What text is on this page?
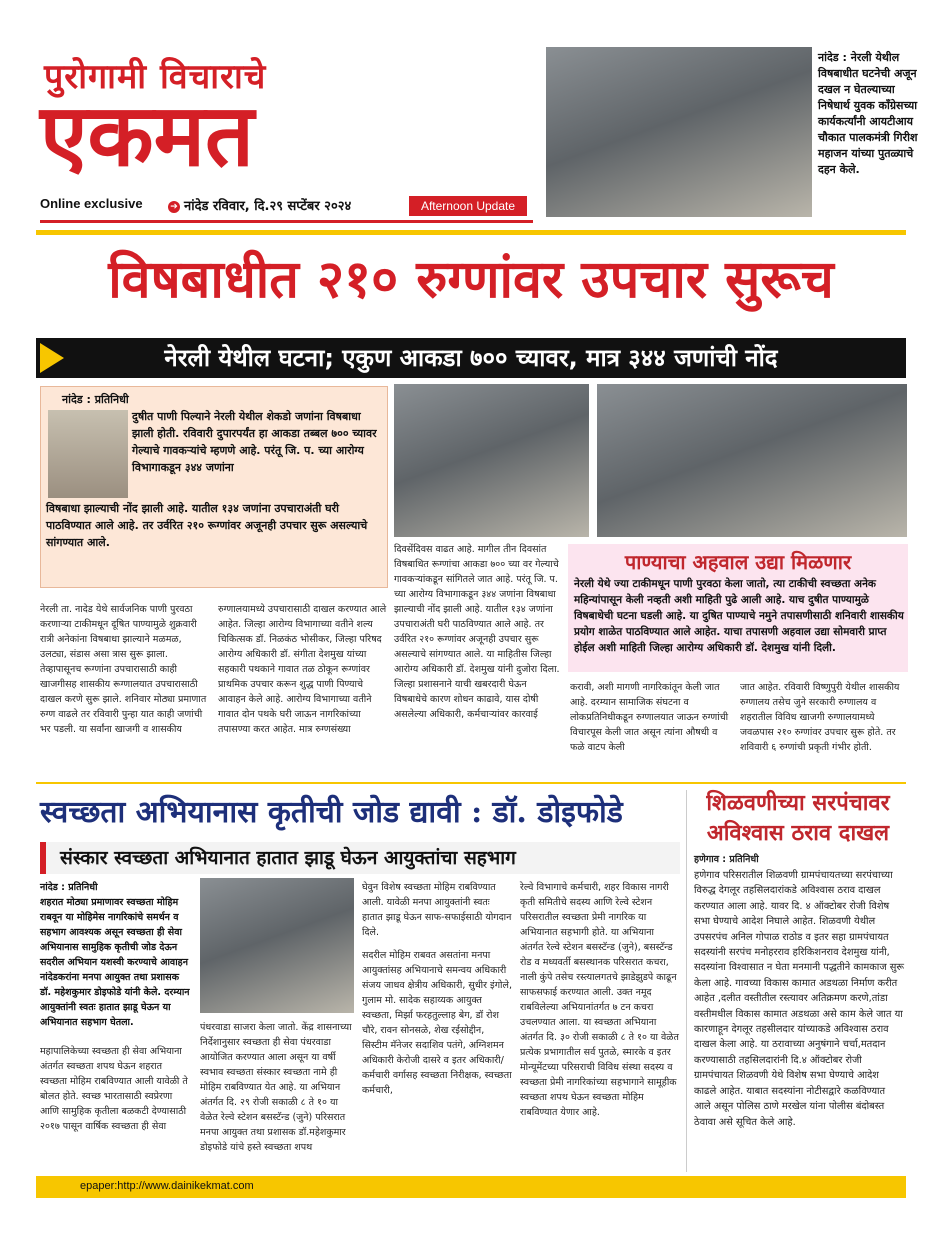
पुरोगामी विचाराचे
एकमत
Online exclusive	➔ नांदेड रविवार, दि.२९ सप्टेंबर २०२४	Afternoon Update
नांदेड : नेरली येथील विषबाधीत घटनेची अजून दखल न घेतल्याच्या निषेधार्थ युवक कॉंग्रेसच्या कार्यकर्त्यांनी आयटीआय चौकात पालकमंत्री गिरीश महाजन यांच्या पुतळ्याचे दहन केले.
विषबाधीत २१० रुग्णांवर उपचार सुरूच
नेरली येथील घटना; एकुण आकडा ७०० च्यावर, मात्र ३४४ जणांची नोंद
नांदेड : प्रतिनिधी
दुषीत पाणी पिल्याने नेरली येथील शेकडो जणांना विषबाधा झाली होती. रविवारी दुपारपर्यंत हा आकडा तब्बल ७०० च्यावर गेल्याचे गावकऱ्यांचे म्हणणे आहे. परंतू जि. प. च्या आरोग्य विभागाकडून ३४४ जणांना
विषबाधा झाल्याची नोंद झाली आहे. यातील १३४ जणांना उपचाराअंती घरी पाठविण्यात आले आहे. तर उर्वरित २१० रूग्णांवर अजूनही उपचार सुरू असल्याचे सांगण्यात आले.
नेरली ता. नादेड येथे सार्वजनिक पाणी पुरवठा करणाऱ्या टाकीमधून दूषित पाण्यामुळे शुक्रवारी रात्री अनेकांना विषबाधा झाल्याने मळमळ, उलट्या, संडास असा त्रास सुरू झाला. तेव्हापासूनच रूग्णांना उपचारासाठी काही खाजगीसह शासकीय रूग्णालयात उपचारासाठी दाखल करणे सुरू झाले. शनिवार मोठ्या प्रमाणात रुग्ण वाढले तर रविवारी पुन्हा यात काही जणांची भर पडली. या सर्वांना खाजगी व शासकीय
रुग्णालयामध्ये उपचारासाठी दाखल करण्यात आले आहेत. जिल्हा आरोग्य विभागाच्या वतीने शल्य चिकित्सक डॉ. निळकंठ भोसीकर, जिल्हा परिषद आरोग्य अधिकारी डॉ. संगीता देशमुख यांच्या सहकारी पथकाने गावात तळ ठोकून रूग्णांवर प्राथमिक उपचार करून शुद्ध पाणी पिण्याचे आवाहन केले आहे. आरोग्य विभागाच्या वतीने गावात दोन पथके घरी जाऊन नागरिकांच्या तपासण्या करत आहेत. मात्र रुग्णसंख्या
दिवसेंदिवस वाढत आहे. मागील तीन दिवसांत विषबाधित रूग्णांचा आकडा ७०० च्या वर गेल्याचे गावकऱ्यांकडून सांगितले जात आहे. परंतू जि. प. च्या आरोग्य विभागाकडून ३४४ जणांना विषबाधा झाल्याची नोंद झाली आहे. यातील १३४ जणांना उपचाराअंती घरी पाठविण्यात आले आहे. तर उर्वरित २१० रूग्णांवर अजूनही उपचार सुरू असल्याचे सांगण्यात आले. या माहितीस जिल्हा आरोग्य अधिकारी डॉ. देशमुख यांनी दुजोरा दिला. जिल्हा प्रशासनाने याची खबरदारी घेऊन विषबाधेचे कारण शोधन काढावे, यास दोषी असलेल्या अधिकारी, कर्मचाऱ्यांवर कारवाई
करावी, अशी मागणी नागरिकांतून केली जात आहे. दरम्यान सामाजिक संघटना व लोकप्रतिनिधीकडून रुग्णालयात जाऊन रुग्णांची विचारपूस केली जात असून त्यांना औषधी व फळे वाटप केली
जात आहेत. रविवारी विष्णुपुरी येथील शासकीय रुग्णालय तसेच जुने सरकारी रुग्णालय व शहरातील विविध खाजगी रुग्णालयामध्ये जवळपास २१० रुग्णांवर उपचार सुरू होते. तर शविवारी ६ रुग्णांची प्रकृती गंभीर होती.
पाण्याचा अहवाल उद्या मिळणार
नेरली येथे ज्या टाकीमधून पाणी पुरवठा केला जातो, त्या टाकीची स्वच्छता अनेक महिन्यांपासून केली नव्हती अशी माहिती पुढे आली आहे. याच दुषीत पाण्यामुळे विषबाधेची घटना घडली आहे. या दुषित पाण्याचे नमुने तपासणीसाठी शनिवारी शासकीय प्रयोग शाळेत पाठविण्यात आले आहेत. याचा तपासणी अहवाल उद्या सोमवारी प्राप्त होईल अशी माहिती जिल्हा आरोग्य अधिकारी डॉ. देशमुख यांनी दिली.
स्वच्छता अभियानास कृतीची जोड द्यावी : डॉ. डोइफोडे
संस्कार स्वच्छता अभियानात हातात झाडू घेऊन आयुक्तांचा सहभाग
नांदेड : प्रतिनिधी
शहरात मोठ्या प्रमाणावर स्वच्छता मोहिम राबवून या मोहिमेस नागरिकांचे समर्थन व सहभाग आवश्यक असून स्वच्छता ही सेवा अभियानास सामुहिक कृतीची जोड देऊन सदरील अभियान यशस्वी करण्याचे आवाहन नांदेडकरांना मनपा आयुक्त तथा प्रशासक डॉ. महेशकुमार डोइफोडे यांनी केले. दरम्यान आयुक्तांनी स्वतः हातात झाडू घेऊन या अभियानात सहभाग घेतला.
महापालिकेच्या स्वच्छता ही सेवा अभियाना अंतर्गत स्वच्छता शपथ घेऊन शहरात स्वच्छता मोहिम राबविण्यात आली यावेळी ते बोलत होते. स्वच्छ भारतासाठी स्वप्रेरणा आणि सामुहिक कृतीला बळकटी देण्यासाठी २०१७ पासून वार्षिक स्वच्छता ही सेवा
पंधरवाडा साजरा केला जातो. केंद्र शासनाच्या निर्देशानुसार स्वच्छता ही सेवा पंधरवाडा आयोजित करण्यात आला असून या वर्षी स्वभाव स्वच्छता संस्कार स्वच्छता नामे ही मोहिम राबविण्यात येत आहे. या अभियान अंतर्गत दि. २९ रोजी सकाळी ८ ते १० या वेळेत रेल्वे स्टेशन बसस्टॅन्ड (जुने) परिसरात मनपा आयुक्त तथा प्रशासक डॉ.महेशकुमार डोइफोडे यांचे हस्ते स्वच्छता शपथ
घेवुन विशेष स्वच्छता मोहिम राबविण्यात आली. यावेळी मनपा आयुक्तांनी स्वतः हातात झाडू घेऊन साफ-सफाईसाठी योगदान दिले.
सदरील मोहिम राबवत असतांना मनपा आयुक्तांसह अभियानाचे समन्वय अधिकारी संजय जाधव क्षेत्रीय अधिकारी, सुधीर इंगोले, गुलाम मो. सादेक सहाय्यक आयुक्त स्वच्छता, मिर्झा फरहतुल्लाह बेग, डॉ रोश चौरे, रावन सोनसळे, शेख रईसोद्दीन, सिस्टीम मॅनेजर सदाशिव पतंगे, अग्निशमन अधिकारी केरोजी दासरे व इतर अधिकारी/ कर्मचारी वर्गासह स्वच्छता निरीक्षक, स्वच्छता कर्मचारी,
रेल्वे विभागाचे कर्मचारी, शहर विकास नागरी कृती समितीचे सदस्य आणि रेल्वे स्टेशन परिसरातील स्वच्छता प्रेमी नागरिक या अभियानात सहभागी होते. या अभियाना अंतर्गत रेल्वे स्टेशन बसस्टॅन्ड (जुने), बसस्टॅन्ड रोड व मध्यवर्ती बसस्थानक परिसरात कचरा, नाली कुंपे तसेच रस्त्यालगतचे झाडेझुडपे काढून साफसफाई करण्यात आली. उक्त नमूद राबविलेल्या अभियानांतर्गत ७ टन कचरा उचलण्यात आला. या स्वच्छता अभियाना अंतर्गत दि. ३० रोजी सकाळी ८ ते १० या वेळेत प्रत्येक प्रभागातील सर्व पुतळे, स्मारके व इतर मोन्यूमेंटच्या परिसराची विविध संस्था सदस्य व स्वच्छता प्रेमी नागरिकांच्या सहभागाने सामूहीक स्वच्छता शपथ घेऊन स्वच्छता मोहिम राबविण्यात येणार आहे.
शिळवणीच्या सरपंचावर अविश्वास ठराव दाखल
हणेगाव : प्रतिनिधी
हणेगाव परिसरातील शिळवणी ग्रामपंचायतच्या सरपंचाच्या विरुद्ध देगलूर तहसिलदारांकडे अविश्वास ठराव दाखल करण्यात आला आहे. यावर दि. ४ ऑक्टोबर रोजी विशेष सभा घेण्याचे आदेश निघाले आहेत. शिळवणी येथील उपसरपंच अनिल गोपाळ राठोड व इतर सहा ग्रामपंचायत सदस्यांनी सरपंच मनोहरराव हरिकिशनराव देशमुख यांनी, सदस्यांना विश्वासात न घेता मनमानी पद्धतीने कामकाज सुरू केला आहे. गावच्या विकास कामात अडथळा निर्माण करीत आहेत ,दलीत वस्तीतील रस्त्यावर अतिक्रमण करणे,तांडा वस्तीमधील विकास कामात अडथळा असे काम केले जात या कारणाहून देगलूर तहसीलदार यांच्याकडे अविश्वास ठराव दाखल केला आहे. या ठरावाच्या अनुषंगाने चर्चा,मतदान करण्यासाठी तहसिलदारांनी दि.४ ऑक्टोबर रोजी ग्रामपंचायत शिळवणी येथे विशेष सभा घेण्याचे आदेश काढले आहेत. याबात सदस्यांना नोटीसद्वारे कळविण्यात आले असून पोलिस ठाणे मरखेल यांना पोलीस बंदोबस्त ठेवावा असे सूचित केले आहे.
epaper:http://www.dainikekmat.com
